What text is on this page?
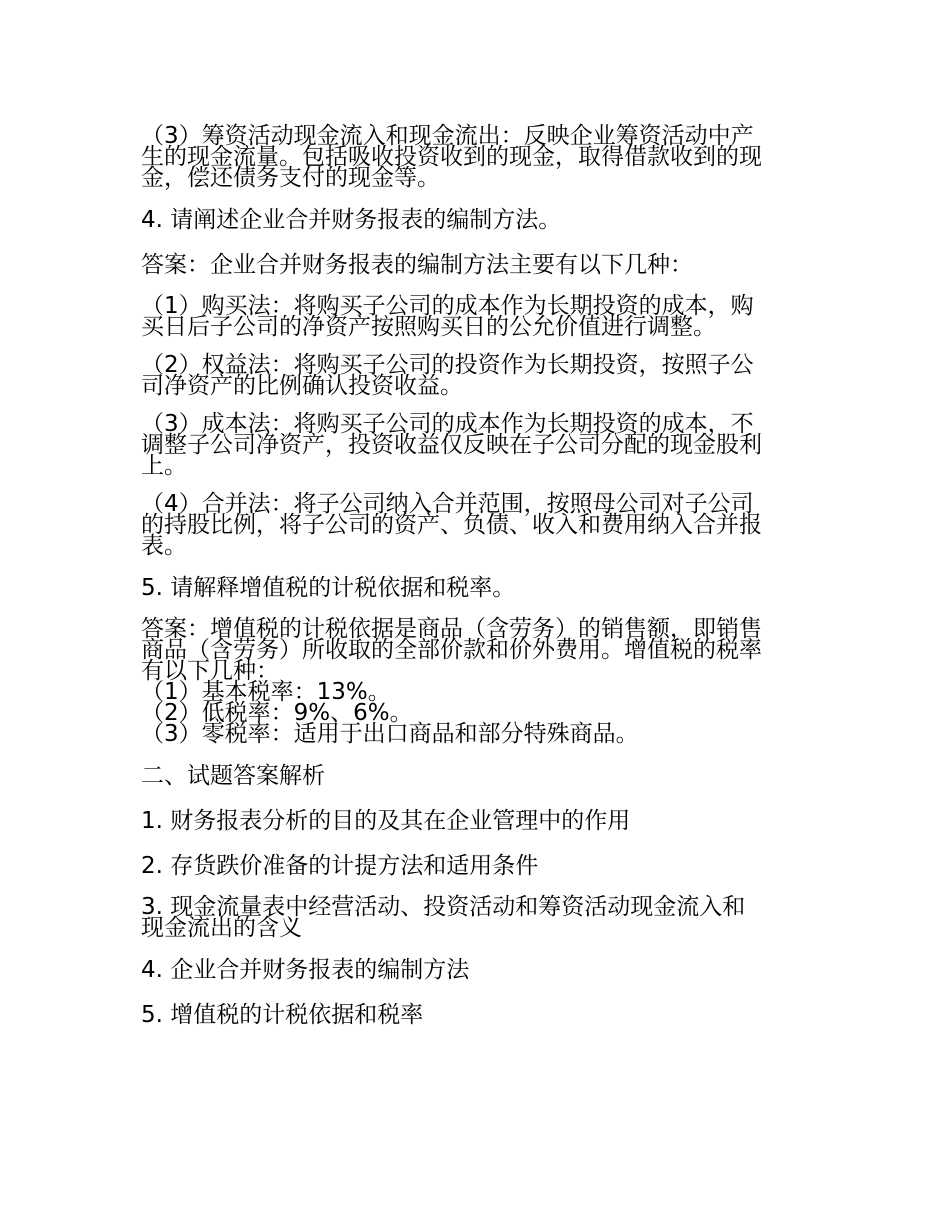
（3）筹资活动现金流入和现金流出：反映企业筹资活动中产
生的现金流量。包括吸收投资收到的现金，取得借款收到的现
金，偿还债务支付的现金等。
4. 请阐述企业合并财务报表的编制方法。
答案：企业合并财务报表的编制方法主要有以下几种：
（1）购买法：将购买子公司的成本作为长期投资的成本，购
买日后子公司的净资产按照购买日的公允价值进行调整。
（2）权益法：将购买子公司的投资作为长期投资，按照子公
司净资产的比例确认投资收益。
（3）成本法：将购买子公司的成本作为长期投资的成本，不
调整子公司净资产，投资收益仅反映在子公司分配的现金股利
上。
（4）合并法：将子公司纳入合并范围，按照母公司对子公司
的持股比例，将子公司的资产、负债、收入和费用纳入合并报
表。
5. 请解释增值税的计税依据和税率。
答案：增值税的计税依据是商品（含劳务）的销售额，即销售
商品（含劳务）所收取的全部价款和价外费用。增值税的税率
有以下几种：
（1）基本税率：13%。
（2）低税率：9%、6%。
（3）零税率：适用于出口商品和部分特殊商品。
二、试题答案解析
1. 财务报表分析的目的及其在企业管理中的作用
2. 存货跌价准备的计提方法和适用条件
3. 现金流量表中经营活动、投资活动和筹资活动现金流入和
现金流出的含义
4. 企业合并财务报表的编制方法
5. 增值税的计税依据和税率
